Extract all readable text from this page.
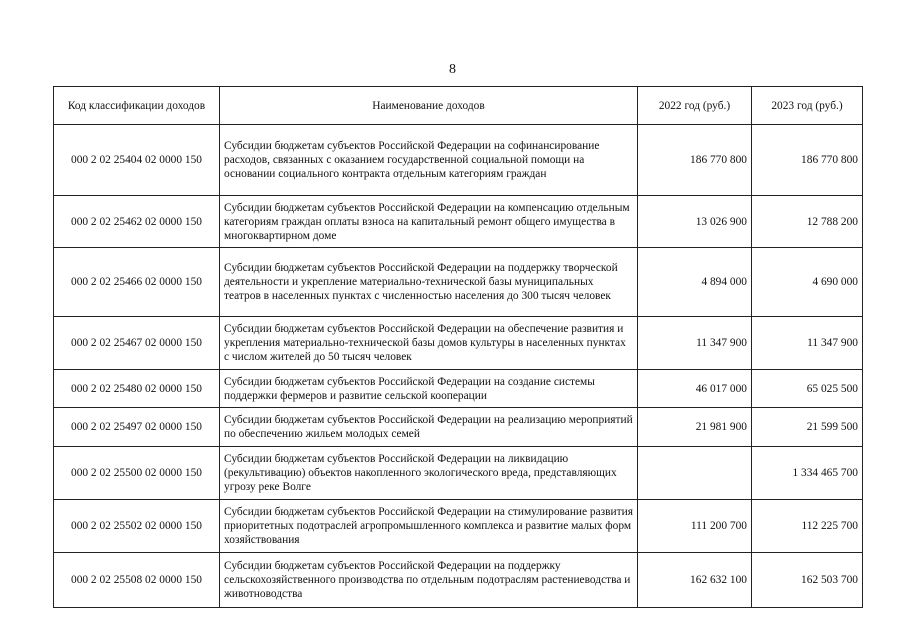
8
Код классификации доходов	Наименование доходов	2022 год (руб.)	2023 год (руб.)
000 2 02 25404 02 0000 150	Субсидии бюджетам субъектов Российской Федерации на софинансирование расходов, связанных с оказанием государственной социальной помощи на основании социального контракта отдельным категориям граждан	186 770 800	186 770 800
000 2 02 25462 02 0000 150	Субсидии бюджетам субъектов Российской Федерации на компенсацию отдельным категориям граждан оплаты взноса на капитальный ремонт общего имущества в многоквартирном доме	13 026 900	12 788 200
000 2 02 25466 02 0000 150	Субсидии бюджетам субъектов Российской Федерации на поддержку творческой деятельности и укрепление материально-технической базы муниципальных театров в населенных пунктах с численностью населения до 300 тысяч человек	4 894 000	4 690 000
000 2 02 25467 02 0000 150	Субсидии бюджетам субъектов Российской Федерации на обеспечение развития и укрепления материально-технической базы домов культуры в населенных пунктах с числом жителей до 50 тысяч человек	11 347 900	11 347 900
000 2 02 25480 02 0000 150	Субсидии бюджетам субъектов Российской Федерации на создание системы поддержки фермеров и развитие сельской кооперации	46 017 000	65 025 500
000 2 02 25497 02 0000 150	Субсидии бюджетам субъектов Российской Федерации на реализацию мероприятий по обеспечению жильем молодых семей	21 981 900	21 599 500
000 2 02 25500 02 0000 150	Субсидии бюджетам субъектов Российской Федерации на ликвидацию (рекультивацию) объектов накопленного экологического вреда, представляющих угрозу реке Волге		1 334 465 700
000 2 02 25502 02 0000 150	Субсидии бюджетам субъектов Российской Федерации на стимулирование развития приоритетных подотраслей агропромышленного комплекса и развитие малых форм хозяйствования	111 200 700	112 225 700
000 2 02 25508 02 0000 150	Субсидии бюджетам субъектов Российской Федерации на поддержку сельскохозяйственного производства по отдельным подотраслям растениеводства и животноводства	162 632 100	162 503 700
